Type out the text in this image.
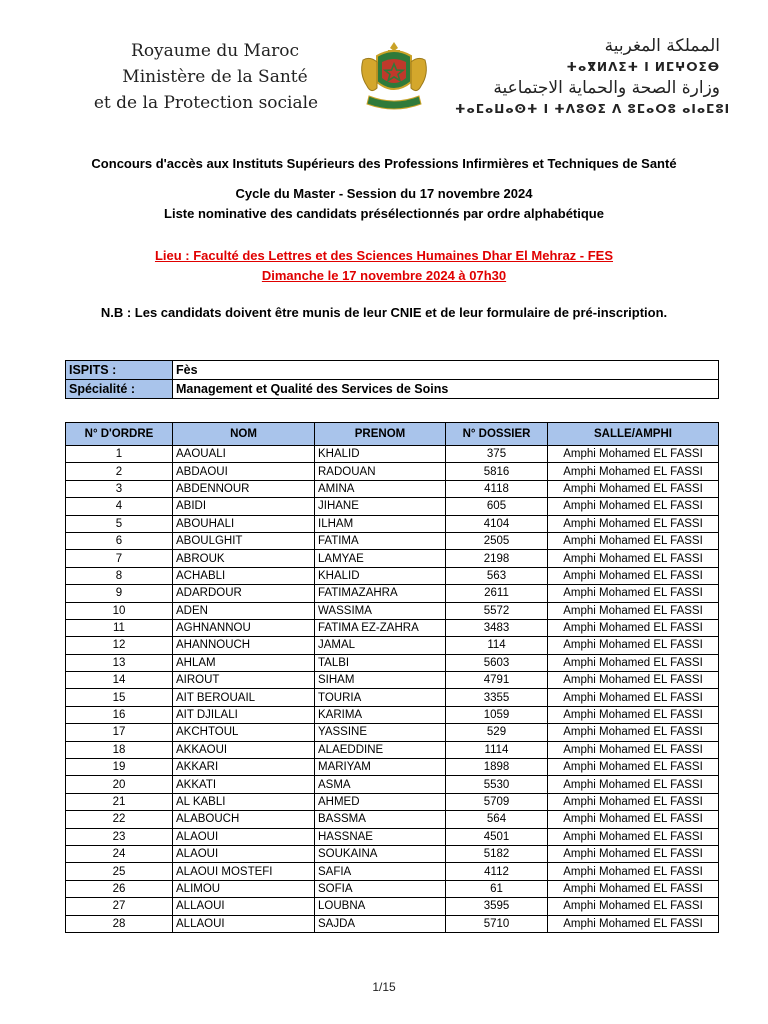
Royaume du Maroc
Ministère de la Santé
et de la Protection sociale
المملكة المغربية
ⵜⴰⴳⵍⴷⵉⵜ ⵏ ⵍⵎⵖⵔⵉⴱ
وزارة الصحة والحماية الاجتماعية
ⵜⴰⵎⴰⵡⴰⵙⵜ ⵏ ⵜⴷⵓⵙⵉ ⴷ ⵓⵎⴰⵔⵓ ⴰⵏⴰⵎⵓⵏ
Concours d'accès aux Instituts Supérieurs des Professions Infirmières et Techniques de Santé
Cycle du Master - Session du 17 novembre 2024
Liste nominative des candidats présélectionnés par ordre alphabétique
Lieu : Faculté des Lettres et des Sciences Humaines Dhar El Mehraz - FES
Dimanche le 17 novembre 2024 à 07h30
N.B : Les candidats doivent être munis de leur CNIE et de leur formulaire de pré-inscription.
ISPITS :	Fès
Spécialité :	Management et Qualité des Services de Soins
N° D'ORDRE	NOM	PRENOM	N° DOSSIER	SALLE/AMPHI
1	AAOUALI	KHALID	375	Amphi Mohamed EL FASSI
2	ABDAOUI	RADOUAN	5816	Amphi Mohamed EL FASSI
3	ABDENNOUR	AMINA	4118	Amphi Mohamed EL FASSI
4	ABIDI	JIHANE	605	Amphi Mohamed EL FASSI
5	ABOUHALI	ILHAM	4104	Amphi Mohamed EL FASSI
6	ABOULGHIT	FATIMA	2505	Amphi Mohamed EL FASSI
7	ABROUK	LAMYAE	2198	Amphi Mohamed EL FASSI
8	ACHABLI	KHALID	563	Amphi Mohamed EL FASSI
9	ADARDOUR	FATIMAZAHRA	2611	Amphi Mohamed EL FASSI
10	ADEN	WASSIMA	5572	Amphi Mohamed EL FASSI
11	AGHNANNOU	FATIMA EZ-ZAHRA	3483	Amphi Mohamed EL FASSI
12	AHANNOUCH	JAMAL	114	Amphi Mohamed EL FASSI
13	AHLAM	TALBI	5603	Amphi Mohamed EL FASSI
14	AIROUT	SIHAM	4791	Amphi Mohamed EL FASSI
15	AIT BEROUAIL	TOURIA	3355	Amphi Mohamed EL FASSI
16	AIT DJILALI	KARIMA	1059	Amphi Mohamed EL FASSI
17	AKCHTOUL	YASSINE	529	Amphi Mohamed EL FASSI
18	AKKAOUI	ALAEDDINE	1114	Amphi Mohamed EL FASSI
19	AKKARI	MARIYAM	1898	Amphi Mohamed EL FASSI
20	AKKATI	ASMA	5530	Amphi Mohamed EL FASSI
21	AL KABLI	AHMED	5709	Amphi Mohamed EL FASSI
22	ALABOUCH	BASSMA	564	Amphi Mohamed EL FASSI
23	ALAOUI	HASSNAE	4501	Amphi Mohamed EL FASSI
24	ALAOUI	SOUKAINA	5182	Amphi Mohamed EL FASSI
25	ALAOUI MOSTEFI	SAFIA	4112	Amphi Mohamed EL FASSI
26	ALIMOU	SOFIA	61	Amphi Mohamed EL FASSI
27	ALLAOUI	LOUBNA	3595	Amphi Mohamed EL FASSI
28	ALLAOUI	SAJDA	5710	Amphi Mohamed EL FASSI
1/15
